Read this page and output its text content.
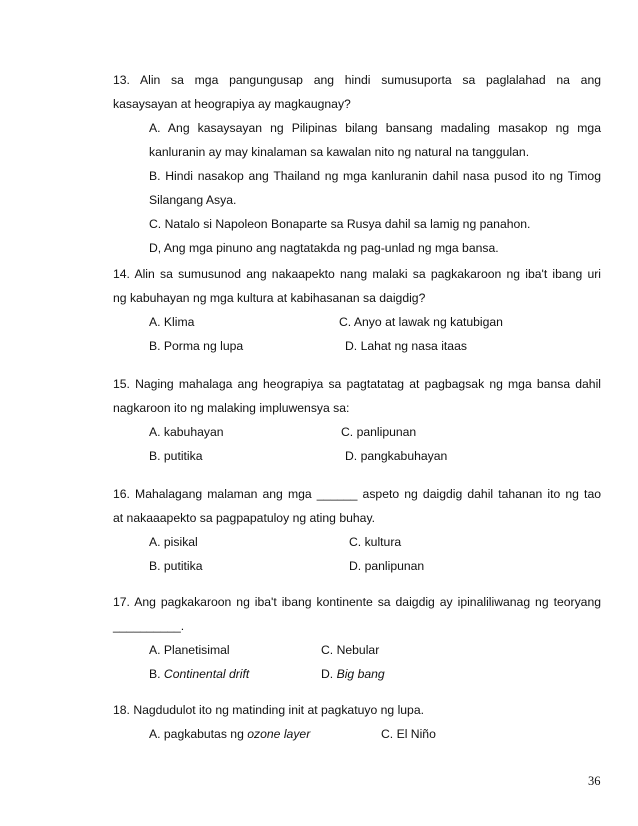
13. Alin sa mga pangungusap ang hindi sumusuporta sa paglalahad na ang
kasaysayan at heograpiya ay magkaugnay?
A. Ang kasaysayan ng Pilipinas bilang bansang madaling masakop ng mga
kanluranin ay may kinalaman sa kawalan nito ng natural na tanggulan.
B. Hindi nasakop ang Thailand ng mga kanluranin dahil nasa pusod ito ng Timog
Silangang Asya.
C. Natalo si Napoleon Bonaparte sa Rusya dahil sa lamig ng panahon.
D, Ang mga pinuno ang nagtatakda ng pag-unlad ng mga bansa.
14. Alin sa sumusunod ang nakaapekto nang malaki sa pagkakaroon ng iba't ibang uri
ng kabuhayan ng mga kultura at kabihasanan sa daigdig?
A. Klima	C. Anyo at lawak ng katubigan
B. Porma ng lupa	D. Lahat ng nasa itaas
15. Naging mahalaga ang heograpiya sa pagtatatag at pagbagsak ng mga bansa dahil
nagkaroon ito ng malaking impluwensya sa:
A. kabuhayan	C. panlipunan
B. putitika	D. pangkabuhayan
16. Mahalagang malaman ang mga ______ aspeto ng daigdig dahil tahanan ito ng tao
at nakaaapekto sa pagpapatuloy ng ating buhay.
A. pisikal	C. kultura
B. putitika	D. panlipunan
17. Ang pagkakaroon ng iba't ibang kontinente sa daigdig ay ipinaliliwanag ng teoryang
__________.
A. Planetisimal	C. Nebular
B. Continental drift	D. Big bang
18. Nagdudulot ito ng matinding init at pagkatuyo ng lupa.
A. pagkabutas ng ozone layer	C. El Niño
36
